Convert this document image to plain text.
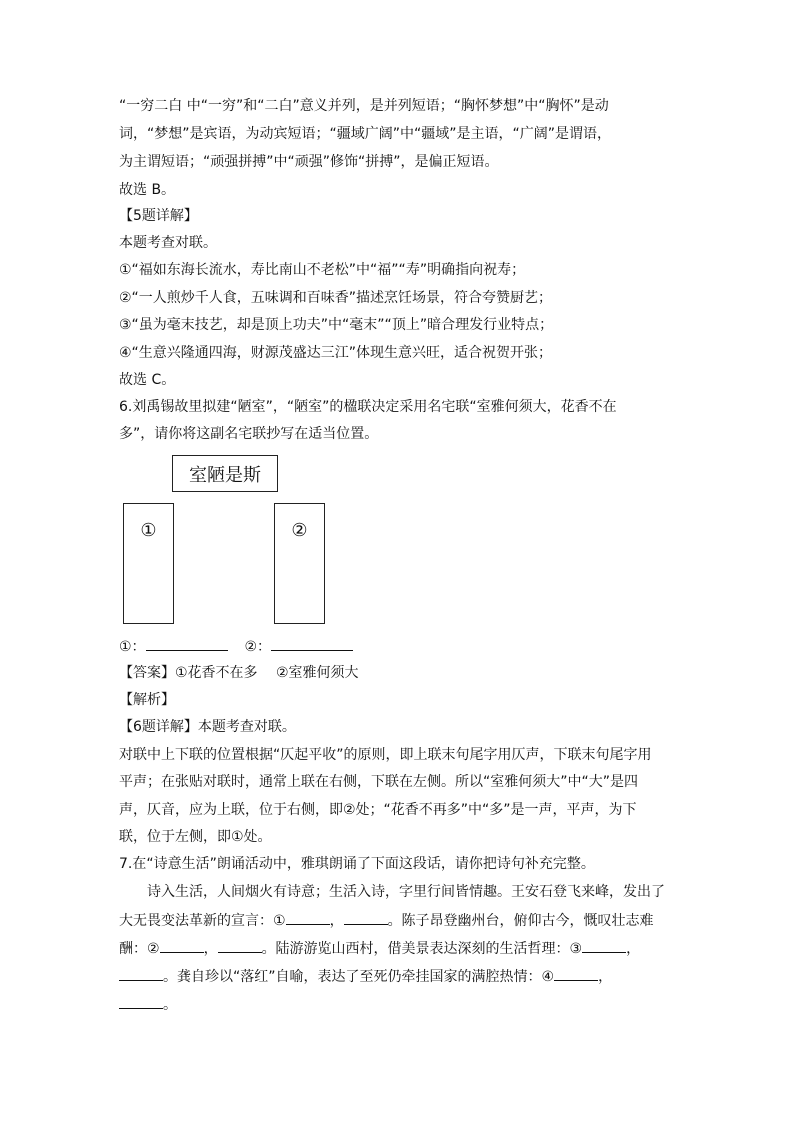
“一穷二白 中“一穷”和“二白”意义并列，是并列短语；“胸怀梦想”中“胸怀”是动
词，“梦想”是宾语，为动宾短语；“疆域广阔”中“疆域”是主语，“广阔”是谓语，
为主谓短语；“顽强拼搏”中“顽强”修饰“拼搏”，是偏正短语。
故选 B。
【5题详解】
本题考查对联。
①“福如东海长流水，寿比南山不老松”中“福”“寿”明确指向祝寿；
②“一人煎炒千人食，五味调和百味香”描述烹饪场景，符合夸赞厨艺；
③“虽为毫末技艺，却是顶上功夫”中“毫末”“顶上”暗合理发行业特点；
④“生意兴隆通四海，财源茂盛达三江”体现生意兴旺，适合祝贺开张；
故选 C。
6.刘禹锡故里拟建“陋室”，“陋室”的楹联决定采用名宅联“室雅何须大，花香不在
多”，请你将这副名宅联抄写在适当位置。
室陋是斯
①	②
①：	②：
【答案】①花香不在多　 ②室雅何须大
【解析】
【6题详解】本题考查对联。
对联中上下联的位置根据“仄起平收”的原则，即上联末句尾字用仄声，下联末句尾字用
平声；在张贴对联时，通常上联在右侧，下联在左侧。所以“室雅何须大”中“大”是四
声，仄音，应为上联，位于右侧，即②处；“花香不再多”中“多”是一声，平声，为下
联，位于左侧，即①处。
7.在“诗意生活”朗诵活动中，雅琪朗诵了下面这段话，请你把诗句补充完整。
诗入生活，人间烟火有诗意；生活入诗，字里行间皆情趣。王安石登飞来峰，发出了
大无畏变法革新的宣言：①	，	。陈子昂登幽州台，俯仰古今，慨叹壮志难
酬：②	，	。陆游游览山西村，借美景表达深刻的生活哲理：③	，
。龚自珍以“落红”自喻，表达了至死仍牵挂国家的满腔热情：④	，
。
